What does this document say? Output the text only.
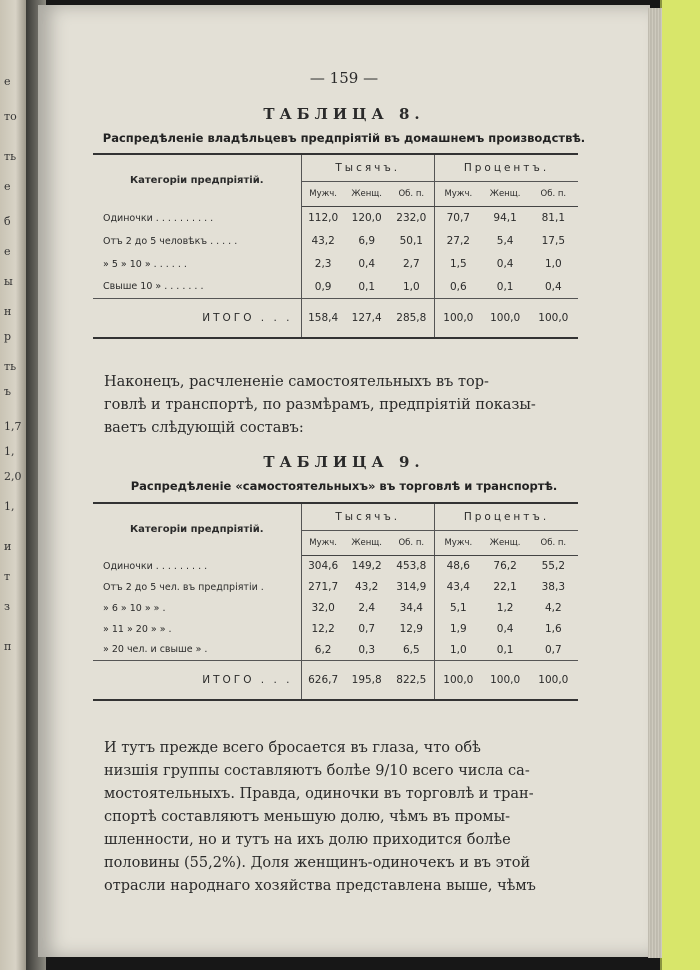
е
то
ть
е
б
е
ы
н
р
ть
ъ
1,7
1,
2,0
1,
и
т
з
п
— 159 —
ТАБЛИЦА 8.
Распредѣленіе владѣльцевъ предпріятій въ домашнемъ производствѣ.
Категоріи предпріятій.	Тысячъ.			Процентъ.		
	Мужч.	Женщ.	Об. п.	Мужч.	Женщ.	Об. п.
Одиночки . . . . . . . . . .	112,0	120,0	232,0	70,7	94,1	81,1
Отъ 2 до 5 человѣкъ . . . . .	43,2	6,9	50,1	27,2	5,4	17,5
» 5 » 10 » . . . . . .	2,3	0,4	2,7	1,5	0,4	1,0
Свыше 10 » . . . . . . .	0,9	0,1	1,0	0,6	0,1	0,4
ИТОГО . . .	158,4	127,4	285,8	100,0	100,0	100,0
Наконецъ, расчлененіе самостоятельныхъ въ тор-
говлѣ и транспортѣ, по размѣрамъ, предпріятій показы-
ваетъ слѣдующій составъ:
ТАБЛИЦА 9.
Распредѣленіе «самостоятельныхъ» въ торговлѣ и транспортѣ.
Категоріи предпріятій.	Тысячъ.			Процентъ.		
	Мужч.	Женщ.	Об. п.	Мужч.	Женщ.	Об. п.
Одиночки . . . . . . . . .	304,6	149,2	453,8	48,6	76,2	55,2
Отъ 2 до 5 чел. въ предпріятіи .	271,7	43,2	314,9	43,4	22,1	38,3
» 6 » 10 » » .	32,0	2,4	34,4	5,1	1,2	4,2
» 11 » 20 » » .	12,2	0,7	12,9	1,9	0,4	1,6
» 20 чел. и свыше » .	6,2	0,3	6,5	1,0	0,1	0,7
ИТОГО . . .	626,7	195,8	822,5	100,0	100,0	100,0
И тутъ прежде всего бросается въ глаза, что обѣ
низшія группы составляютъ болѣе 9/10 всего числа са-
мостоятельныхъ. Правда, одиночки въ торговлѣ и тран-
спортѣ составляютъ меньшую долю, чѣмъ въ промы-
шленности, но и тутъ на ихъ долю приходится болѣе
половины (55,2%). Доля женщинъ-одиночекъ и въ этой
отрасли народнаго хозяйства представлена выше, чѣмъ
